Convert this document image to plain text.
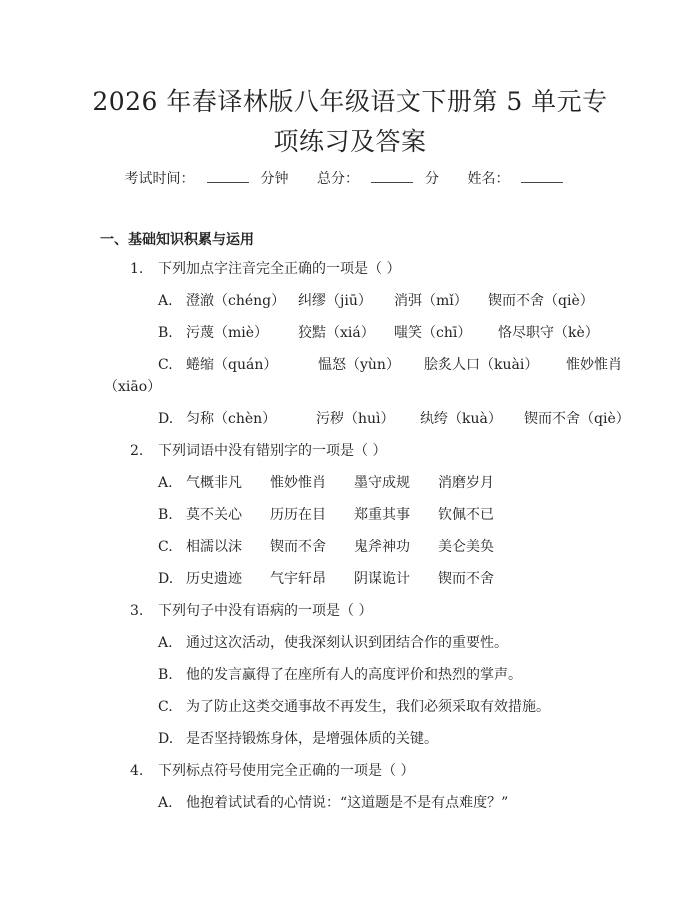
2026 年春译林版八年级语文下册第 5 单元专
项练习及答案
考试时间：	分钟 总分：	分 姓名：
一、基础知识积累与运用
1. 下列加点字注音完全正确的一项是（ ）
A. 澄澈（chéng） 纠缪（jiū） 消弭（mǐ） 锲而不舍（qiè）
B. 污蔑（miè） 狡黠（xiá） 嗤笑（chī） 恪尽职守（kè）
C. 蜷缩（quán）	愠怒（yùn） 脍炙人口（kuài） 惟妙惟肖
（xiāo）
D. 匀称（chèn）	污秽（huì） 纨绔（kuà） 锲而不舍（qiè）
2. 下列词语中没有错别字的一项是（ ）
A. 气概非凡 惟妙惟肖 墨守成规 消磨岁月
B. 莫不关心 历历在目 郑重其事 钦佩不已
C. 相濡以沫 锲而不舍 鬼斧神功 美仑美奂
D. 历史遗迹 气宇轩昂 阴谋诡计 锲而不舍
3. 下列句子中没有语病的一项是（ ）
A. 通过这次活动，使我深刻认识到团结合作的重要性。
B. 他的发言赢得了在座所有人的高度评价和热烈的掌声。
C. 为了防止这类交通事故不再发生，我们必须采取有效措施。
D. 是否坚持锻炼身体，是增强体质的关键。
4. 下列标点符号使用完全正确的一项是（ ）
A. 他抱着试试看的心情说：“这道题是不是有点难度？”
